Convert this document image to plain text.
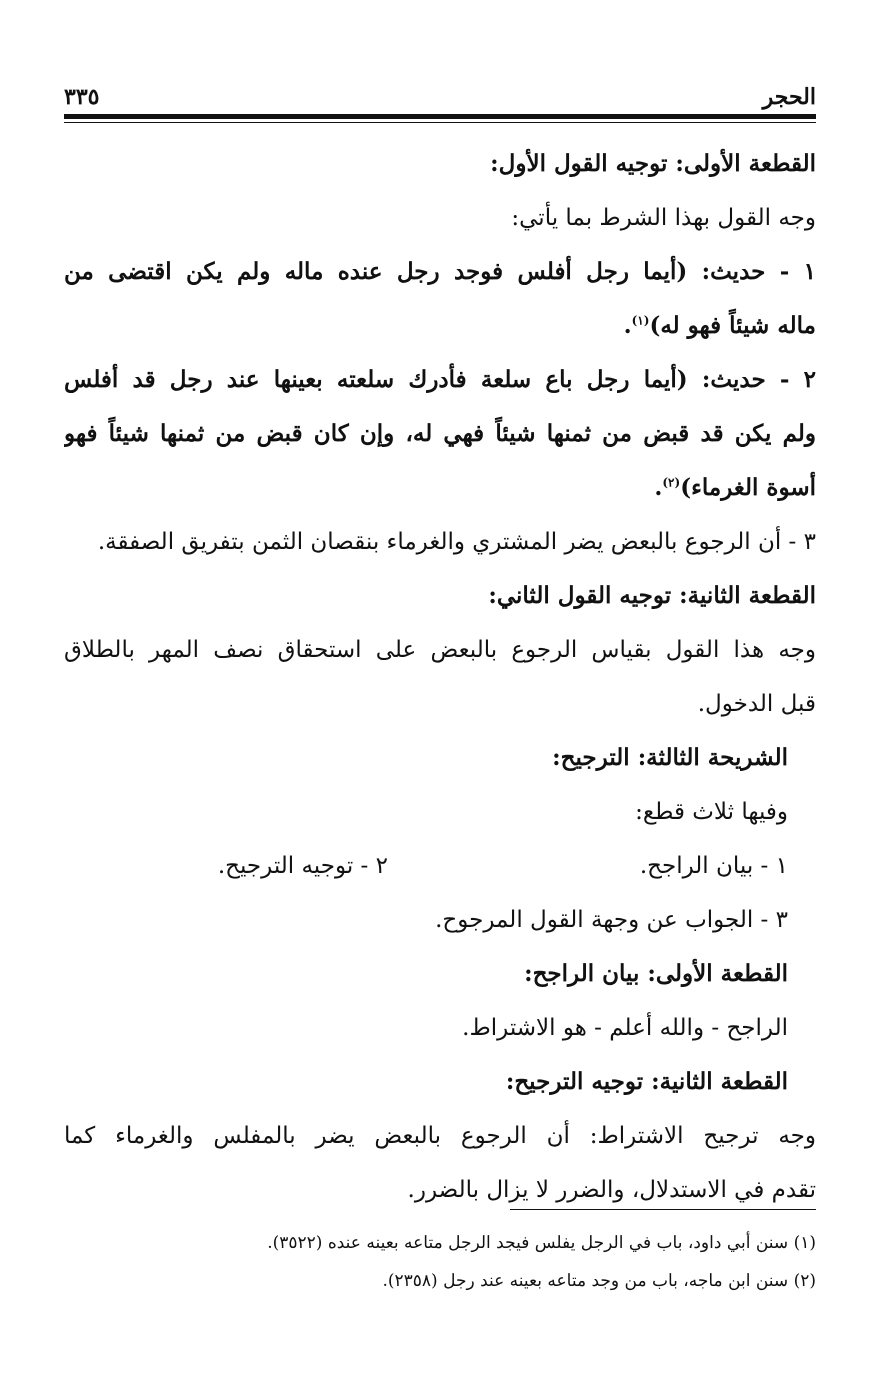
الحجر
٣٣٥
القطعة الأولى: توجيه القول الأول:
وجه القول بهذا الشرط بما يأتي:
١ - حديث: (أيما رجل أفلس فوجد رجل عنده ماله ولم يكن اقتضى من
ماله شيئاً فهو له)$^{(١)}$.
٢ - حديث: (أيما رجل باع سلعة فأدرك سلعته بعينها عند رجل قد أفلس
ولم يكن قد قبض من ثمنها شيئاً فهي له، وإن كان قبض من ثمنها شيئاً فهو
أسوة الغرماء)$^{(٢)}$.
٣ - أن الرجوع بالبعض يضر المشتري والغرماء بنقصان الثمن بتفريق الصفقة.
القطعة الثانية: توجيه القول الثاني:
وجه هذا القول بقياس الرجوع بالبعض على استحقاق نصف المهر بالطلاق
قبل الدخول.
الشريحة الثالثة: الترجيح:
وفيها ثلاث قطع:
١ - بيان الراجح.
٢ - توجيه الترجيح.
٣ - الجواب عن وجهة القول المرجوح.
القطعة الأولى: بيان الراجح:
الراجح - والله أعلم - هو الاشتراط.
القطعة الثانية: توجيه الترجيح:
وجه ترجيح الاشتراط: أن الرجوع بالبعض يضر بالمفلس والغرماء كما
تقدم في الاستدلال، والضرر لا يزال بالضرر.
(١) سنن أبي داود، باب في الرجل يفلس فيجد الرجل متاعه بعينه عنده (٣٥٢٢).
(٢) سنن ابن ماجه، باب من وجد متاعه بعينه عند رجل (٢٣٥٨).
